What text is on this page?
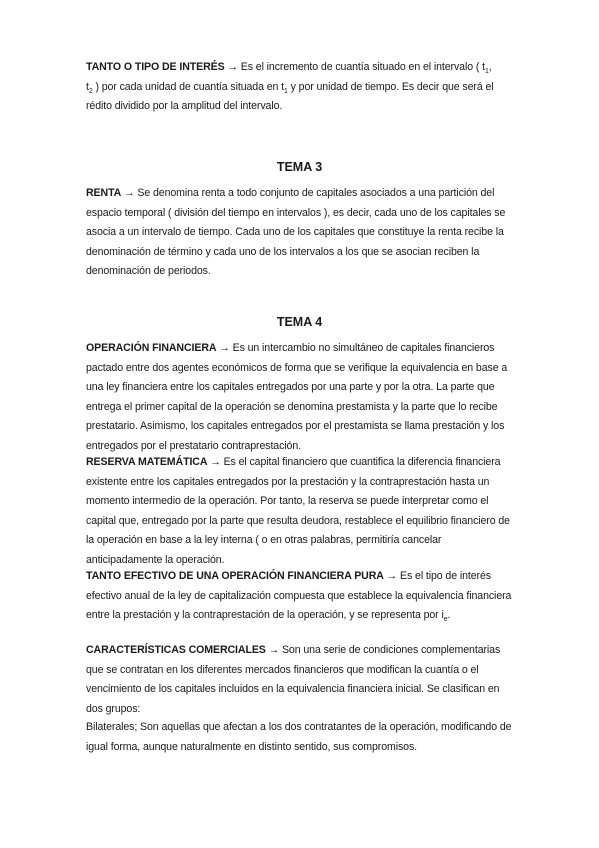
TANTO O TIPO DE INTERÉS → Es el incremento de cuantía situado en el intervalo ( $t_1$,
$t_2$ ) por cada unidad de cuantía situada en $t_1$ y por unidad de tiempo. Es decir que será el rédito dividido por la amplitud del intervalo.

TEMA 3

RENTA → Se denomina renta a todo conjunto de capitales asociados a una partición del espacio temporal ( división del tiempo en intervalos ), es decir, cada uno de los capitales se asocia a un intervalo de tiempo. Cada uno de los capitales que constituye la renta recibe la denominación de término y cada uno de los intervalos a los que se asocian reciben la denominación de periodos.

TEMA 4

OPERACIÓN FINANCIERA → Es un intercambio no simultáneo de capitales financieros pactado entre dos agentes económicos de forma que se verifique la equivalencia en base a una ley financiera entre los capitales entregados por una parte y por la otra. La parte que entrega el primer capital de la operación se denomina prestamista y la parte que lo recibe prestatario. Asimismo, los capitales entregados por el prestamista se llama prestación y los entregados por el prestatario contraprestación.

RESERVA MATEMÁTICA → Es el capital financiero que cuantifica la diferencia financiera existente entre los capitales entregados por la prestación y la contraprestación hasta un momento intermedio de la operación. Por tanto, la reserva se puede interpretar como el capital que, entregado por la parte que resulta deudora, restablece el equilibrio financiero de la operación en base a la ley interna ( o en otras palabras, permitiría cancelar anticipadamente la operación.

TANTO EFECTIVO DE UNA OPERACIÓN FINANCIERA PURA → Es el tipo de interés efectivo anual de la ley de capitalización compuesta que establece la equivalencia financiera entre la prestación y la contraprestación de la operación, y se representa por $i_e$.

CARACTERÍSTICAS COMERCIALES → Son una serie de condiciones complementarias que se contratan en los diferentes mercados financieros que modifican la cuantía o el vencimiento de los capitales incluidos en la equivalencia financiera inicial. Se clasifican en dos grupos:

Bilaterales; Son aquellas que afectan a los dos contratantes de la operación, modificando de igual forma, aunque naturalmente en distinto sentido, sus compromisos.
